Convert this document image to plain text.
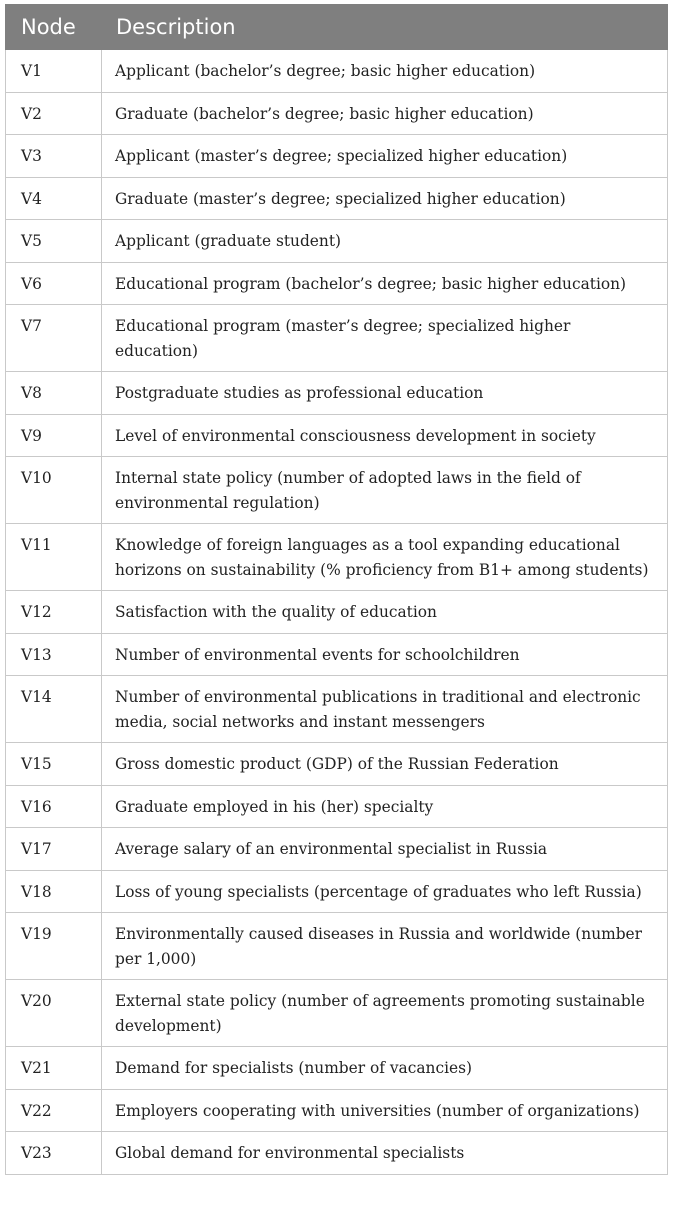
Node	Description
V1	Applicant (bachelor’s degree; basic higher education)
V2	Graduate (bachelor’s degree; basic higher education)
V3	Applicant (master’s degree; specialized higher education)
V4	Graduate (master’s degree; specialized higher education)
V5	Applicant (graduate student)
V6	Educational program (bachelor’s degree; basic higher education)
V7	Educational program (master’s degree; specialized higher education)
V8	Postgraduate studies as professional education
V9	Level of environmental consciousness development in society
V10	Internal state policy (number of adopted laws in the field of environmental regulation)
V11	Knowledge of foreign languages as a tool expanding educational horizons on sustainability (% proficiency from B1+ among students)
V12	Satisfaction with the quality of education
V13	Number of environmental events for schoolchildren
V14	Number of environmental publications in traditional and electronic media, social networks and instant messengers
V15	Gross domestic product (GDP) of the Russian Federation
V16	Graduate employed in his (her) specialty
V17	Average salary of an environmental specialist in Russia
V18	Loss of young specialists (percentage of graduates who left Russia)
V19	Environmentally caused diseases in Russia and worldwide (number per 1,000)
V20	External state policy (number of agreements promoting sustainable development)
V21	Demand for specialists (number of vacancies)
V22	Employers cooperating with universities (number of organizations)
V23	Global demand for environmental specialists
